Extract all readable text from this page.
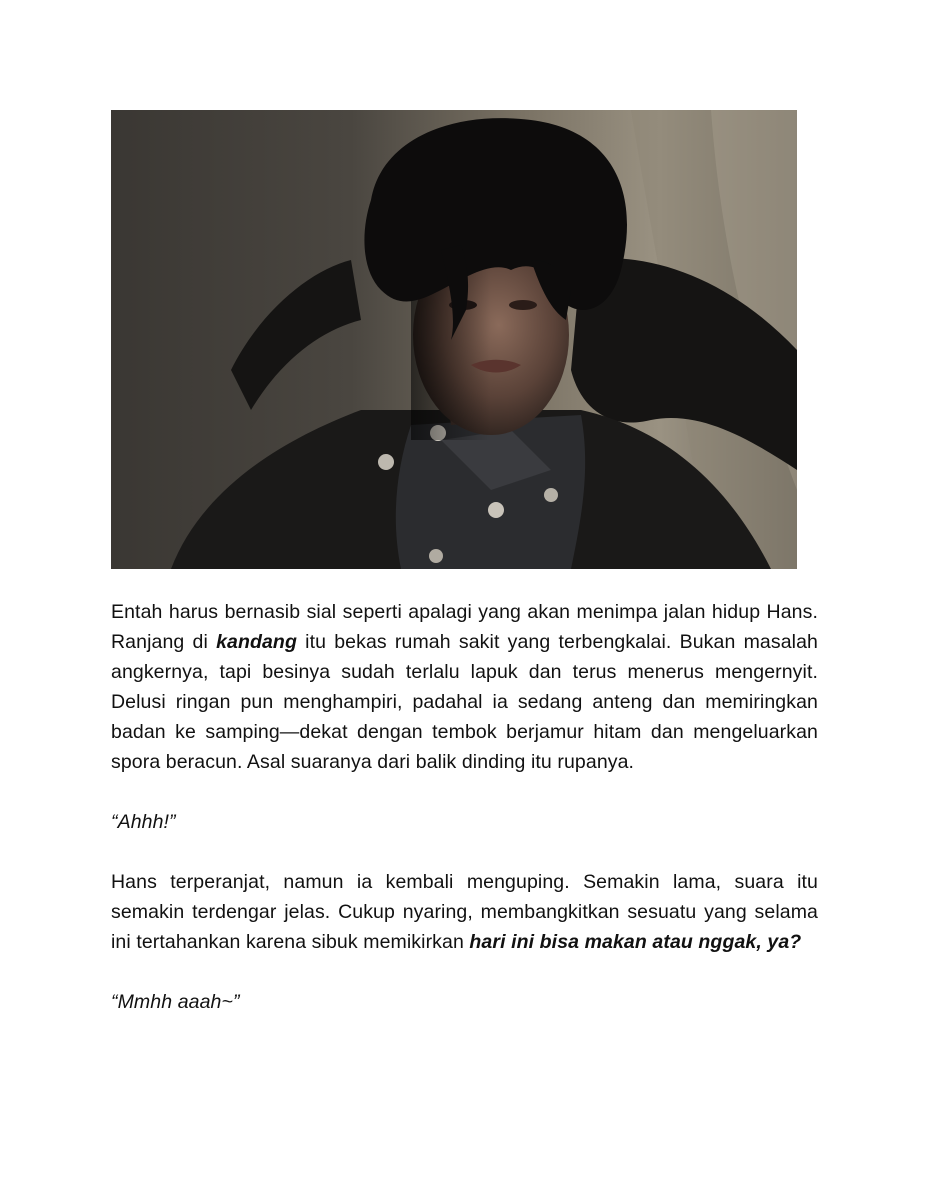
Entah harus bernasib sial seperti apalagi yang akan menimpa jalan hidup Hans. Ranjang di kandang itu bekas rumah sakit yang terbengkalai. Bukan masalah angkernya, tapi besinya sudah terlalu lapuk dan terus menerus mengernyit. Delusi ringan pun menghampiri, padahal ia sedang anteng dan memiringkan badan ke samping—dekat dengan tembok berjamur hitam dan mengeluarkan spora beracun. Asal suaranya dari balik dinding itu rupanya.

“Ahhh!”

Hans terperanjat, namun ia kembali menguping. Semakin lama, suara itu semakin terdengar jelas. Cukup nyaring, membangkitkan sesuatu yang selama ini tertahankan karena sibuk memikirkan hari ini bisa makan atau nggak, ya?

“Mmhh aaah~”
